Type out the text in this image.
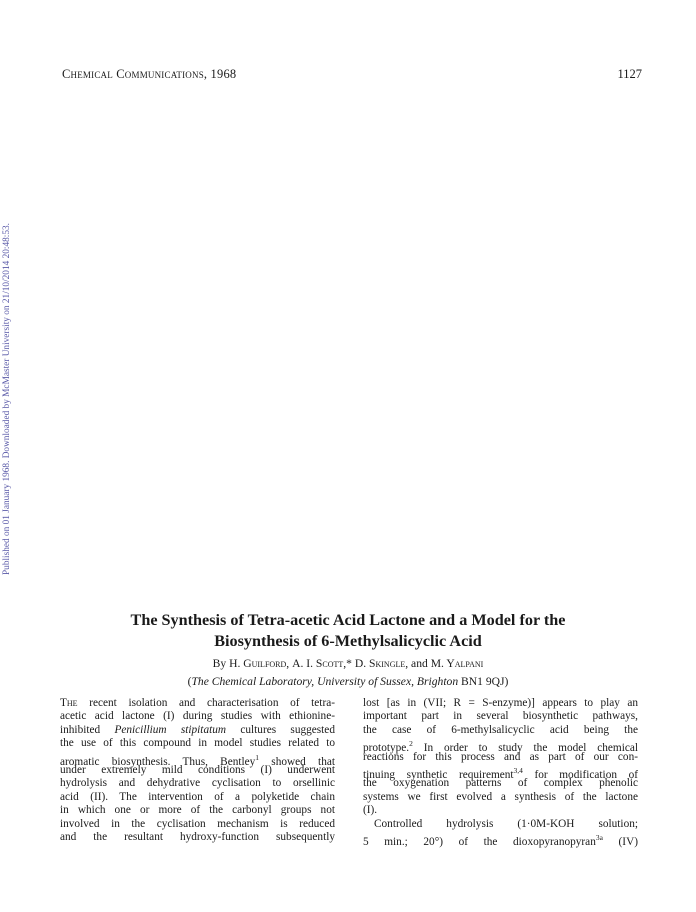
Chemical Communications, 1968	1127
Published on 01 January 1968. Downloaded by McMaster University on 21/10/2014 20:48:53.
The Synthesis of Tetra-acetic Acid Lactone and a Model for the
Biosynthesis of 6-Methylsalicyclic Acid
By H. Guilford, A. I. Scott,* D. Skingle, and M. Yalpani
(The Chemical Laboratory, University of Sussex, Brighton BN1 9QJ)
The recent isolation and characterisation of tetra-
acetic acid lactone (I) during studies with ethionine-
inhibited Penicillium stipitatum cultures suggested
the use of this compound in model studies related to
aromatic biosynthesis. Thus, Bentley$^1$ showed that
under extremely mild conditions (I) underwent
hydrolysis and dehydrative cyclisation to orsellinic
acid (II). The intervention of a polyketide chain
in which one or more of the carbonyl groups not
involved in the cyclisation mechanism is reduced
and the resultant hydroxy-function subsequently
lost [as in (VII; R = S-enzyme)] appears to play an
important part in several biosynthetic pathways,
the case of 6-methylsalicyclic acid being the
prototype.$^2$ In order to study the model chemical
reactions for this process and as part of our con-
tinuing synthetic requirement$^{3,4}$ for modification of
the oxygenation patterns of complex phenolic
systems we first evolved a synthesis of the lactone
(I).
Controlled hydrolysis (1·0M-KOH solution;
5 min.; 20°) of the dioxopyranopyran$^{3a}$ (IV)
